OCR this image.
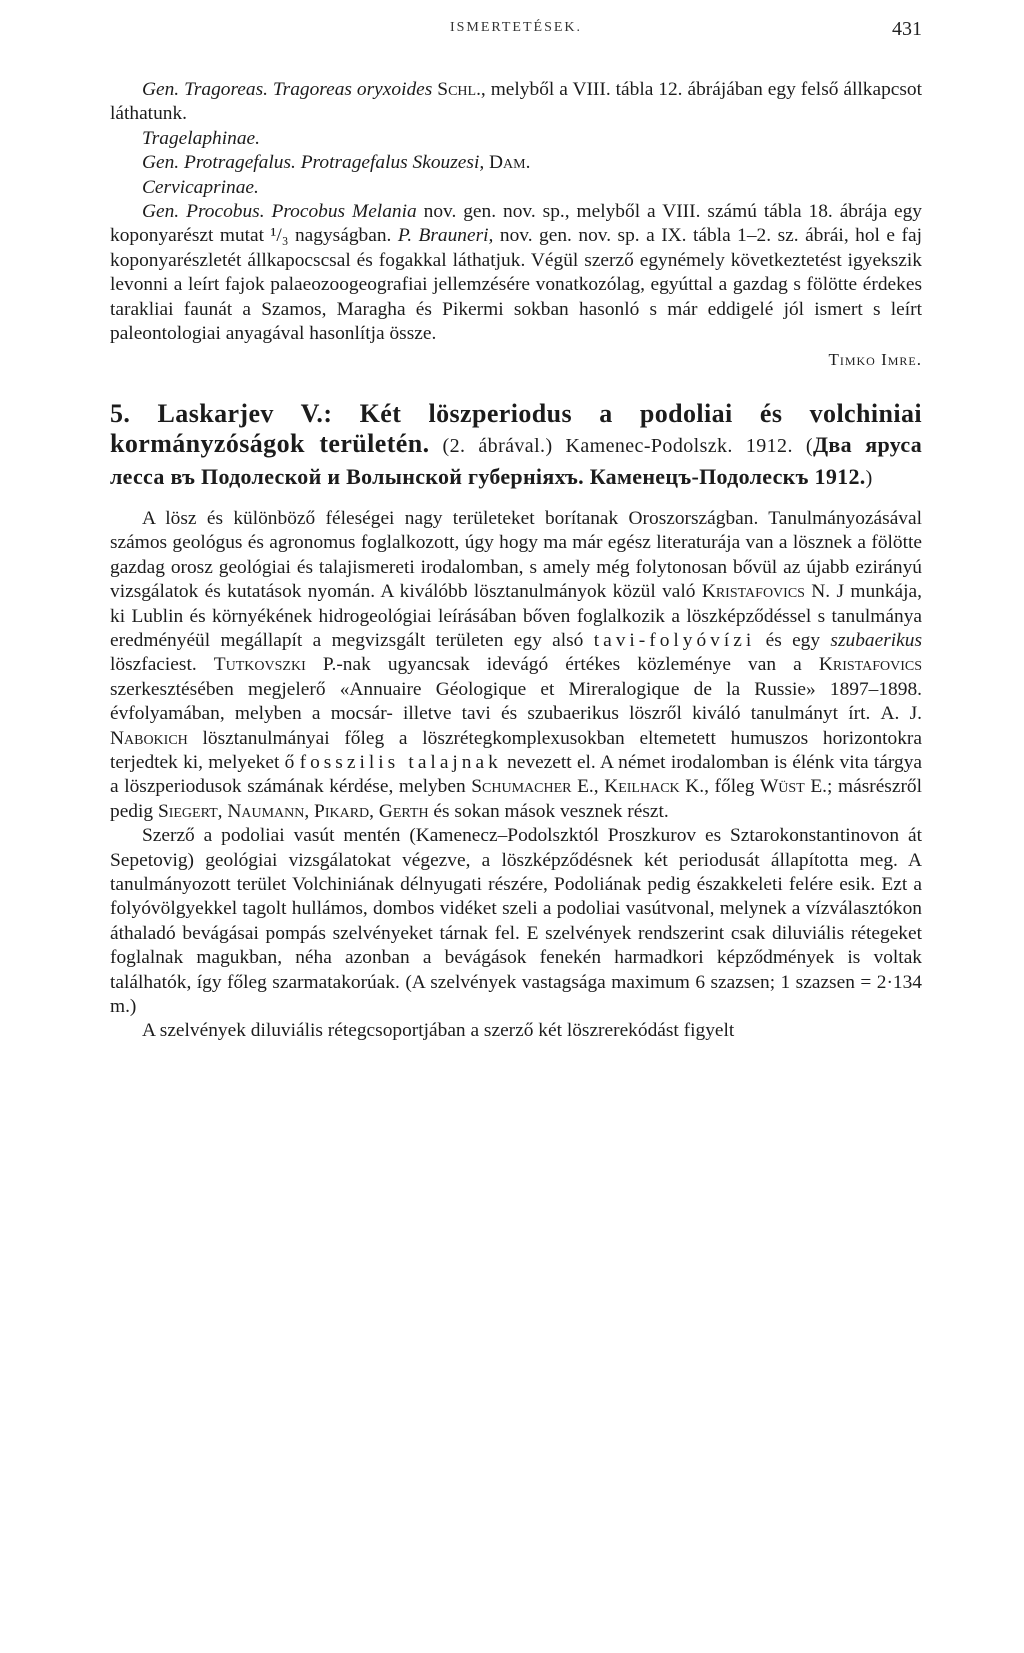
ISMERTETÉSEK.	431

Gen. Tragoreas. Tragoreas oryxoides Schl., melyből a VIII. tábla 12. ábrájában egy felső állkapcsot láthatunk.

Tragelaphinae.
Gen. Protragefalus. Protragefalus Skouzesi, Dam.
Cervicaprinae.

Gen. Procobus. Procobus Melania nov. gen. nov. sp., melyből a VIII. számú tábla 18. ábrája egy koponyarészt mutat ¹/₃ nagyságban. P. Brauneri, nov. gen. nov. sp. a IX. tábla 1–2. sz. ábrái, hol e faj koponyarészletét állkapocscsal és fogakkal láthatjuk. Végül szerző egynémely következtetést igyekszik levonni a leírt fajok palaeozoogeografiai jellemzésére vonatkozólag, egyúttal a gazdag s fölötte érdekes tarakliai faunát a Szamos, Maragha és Pikermi sokban hasonló s már eddigelé jól ismert s leírt paleontologiai anyagával hasonlítja össze.

Timko Imre.

5. Laskarjev V.: Két löszperiodus a podoliai és volchiniai kormányzóságok területén. (2. ábrával.) Kamenec-Podolszk. 1912. (Два яруса лесса въ Подолеской и Волынской губерніяхъ. Каменецъ-Подолескъ 1912.)

A lösz és különböző féleségei nagy területeket borítanak Oroszországban. Tanulmányozásával számos geológus és agronomus foglalkozott, úgy hogy ma már egész literaturája van a lösznek a fölötte gazdag orosz geológiai és talajismereti irodalomban, s amely még folytonosan bővül az újabb ezirányú vizsgálatok és kutatások nyomán. A kiválóbb lösztanulmányok közül való Kristafovics N. J munkája, ki Lublin és környékének hidrogeológiai leírásában bőven foglalkozik a löszképződéssel s tanulmánya eredményéül megállapít a megvizsgált területen egy alsó tavi-folyóvízi és egy szubaerikus löszfaciest. Tutkovszki P.-nak ugyancsak idevágó értékes közleménye van a Kristafovics szerkesztésében megjelerő «Annuaire Géologique et Mireralogique de la Russie» 1897–1898. évfolyamában, melyben a mocsár- illetve tavi és szubaerikus löszről kiváló tanulmányt írt. A. J. Nabokich lösztanulmányai főleg a löszrétegkomplexusokban eltemetett humuszos horizontokra terjedtek ki, melyeket ő fosszilis talajnak nevezett el. A német irodalomban is élénk vita tárgya a löszperiodusok számának kérdése, melyben Schumacher E., Keilhack K., főleg Wüst E.; másrészről pedig Siegert, Naumann, Pikard, Gerth és sokan mások vesznek részt.

Szerző a podoliai vasút mentén (Kamenecz–Podolszktól Proszkurov es Sztarokonstantinovon át Sepetovig) geológiai vizsgálatokat végezve, a löszképződésnek két periodusát állapította meg. A tanulmányozott terület Volchiniának délnyugati részére, Podoliának pedig északkeleti felére esik. Ezt a folyóvölgyekkel tagolt hullámos, dombos vidéket szeli a podoliai vasútvonal, melynek a vízválasztókon áthaladó bevágásai pompás szelvényeket tárnak fel. E szelvények rendszerint csak diluviális rétegeket foglalnak magukban, néha azonban a bevágások fenekén harmadkori képződmények is voltak találhatók, így főleg szarmatakorúak. (A szelvények vastagsága maximum 6 szazsen; 1 szazsen = 2·134 m.)

A szelvények diluviális rétegcsoportjában a szerző két löszrerekódást figyelt
